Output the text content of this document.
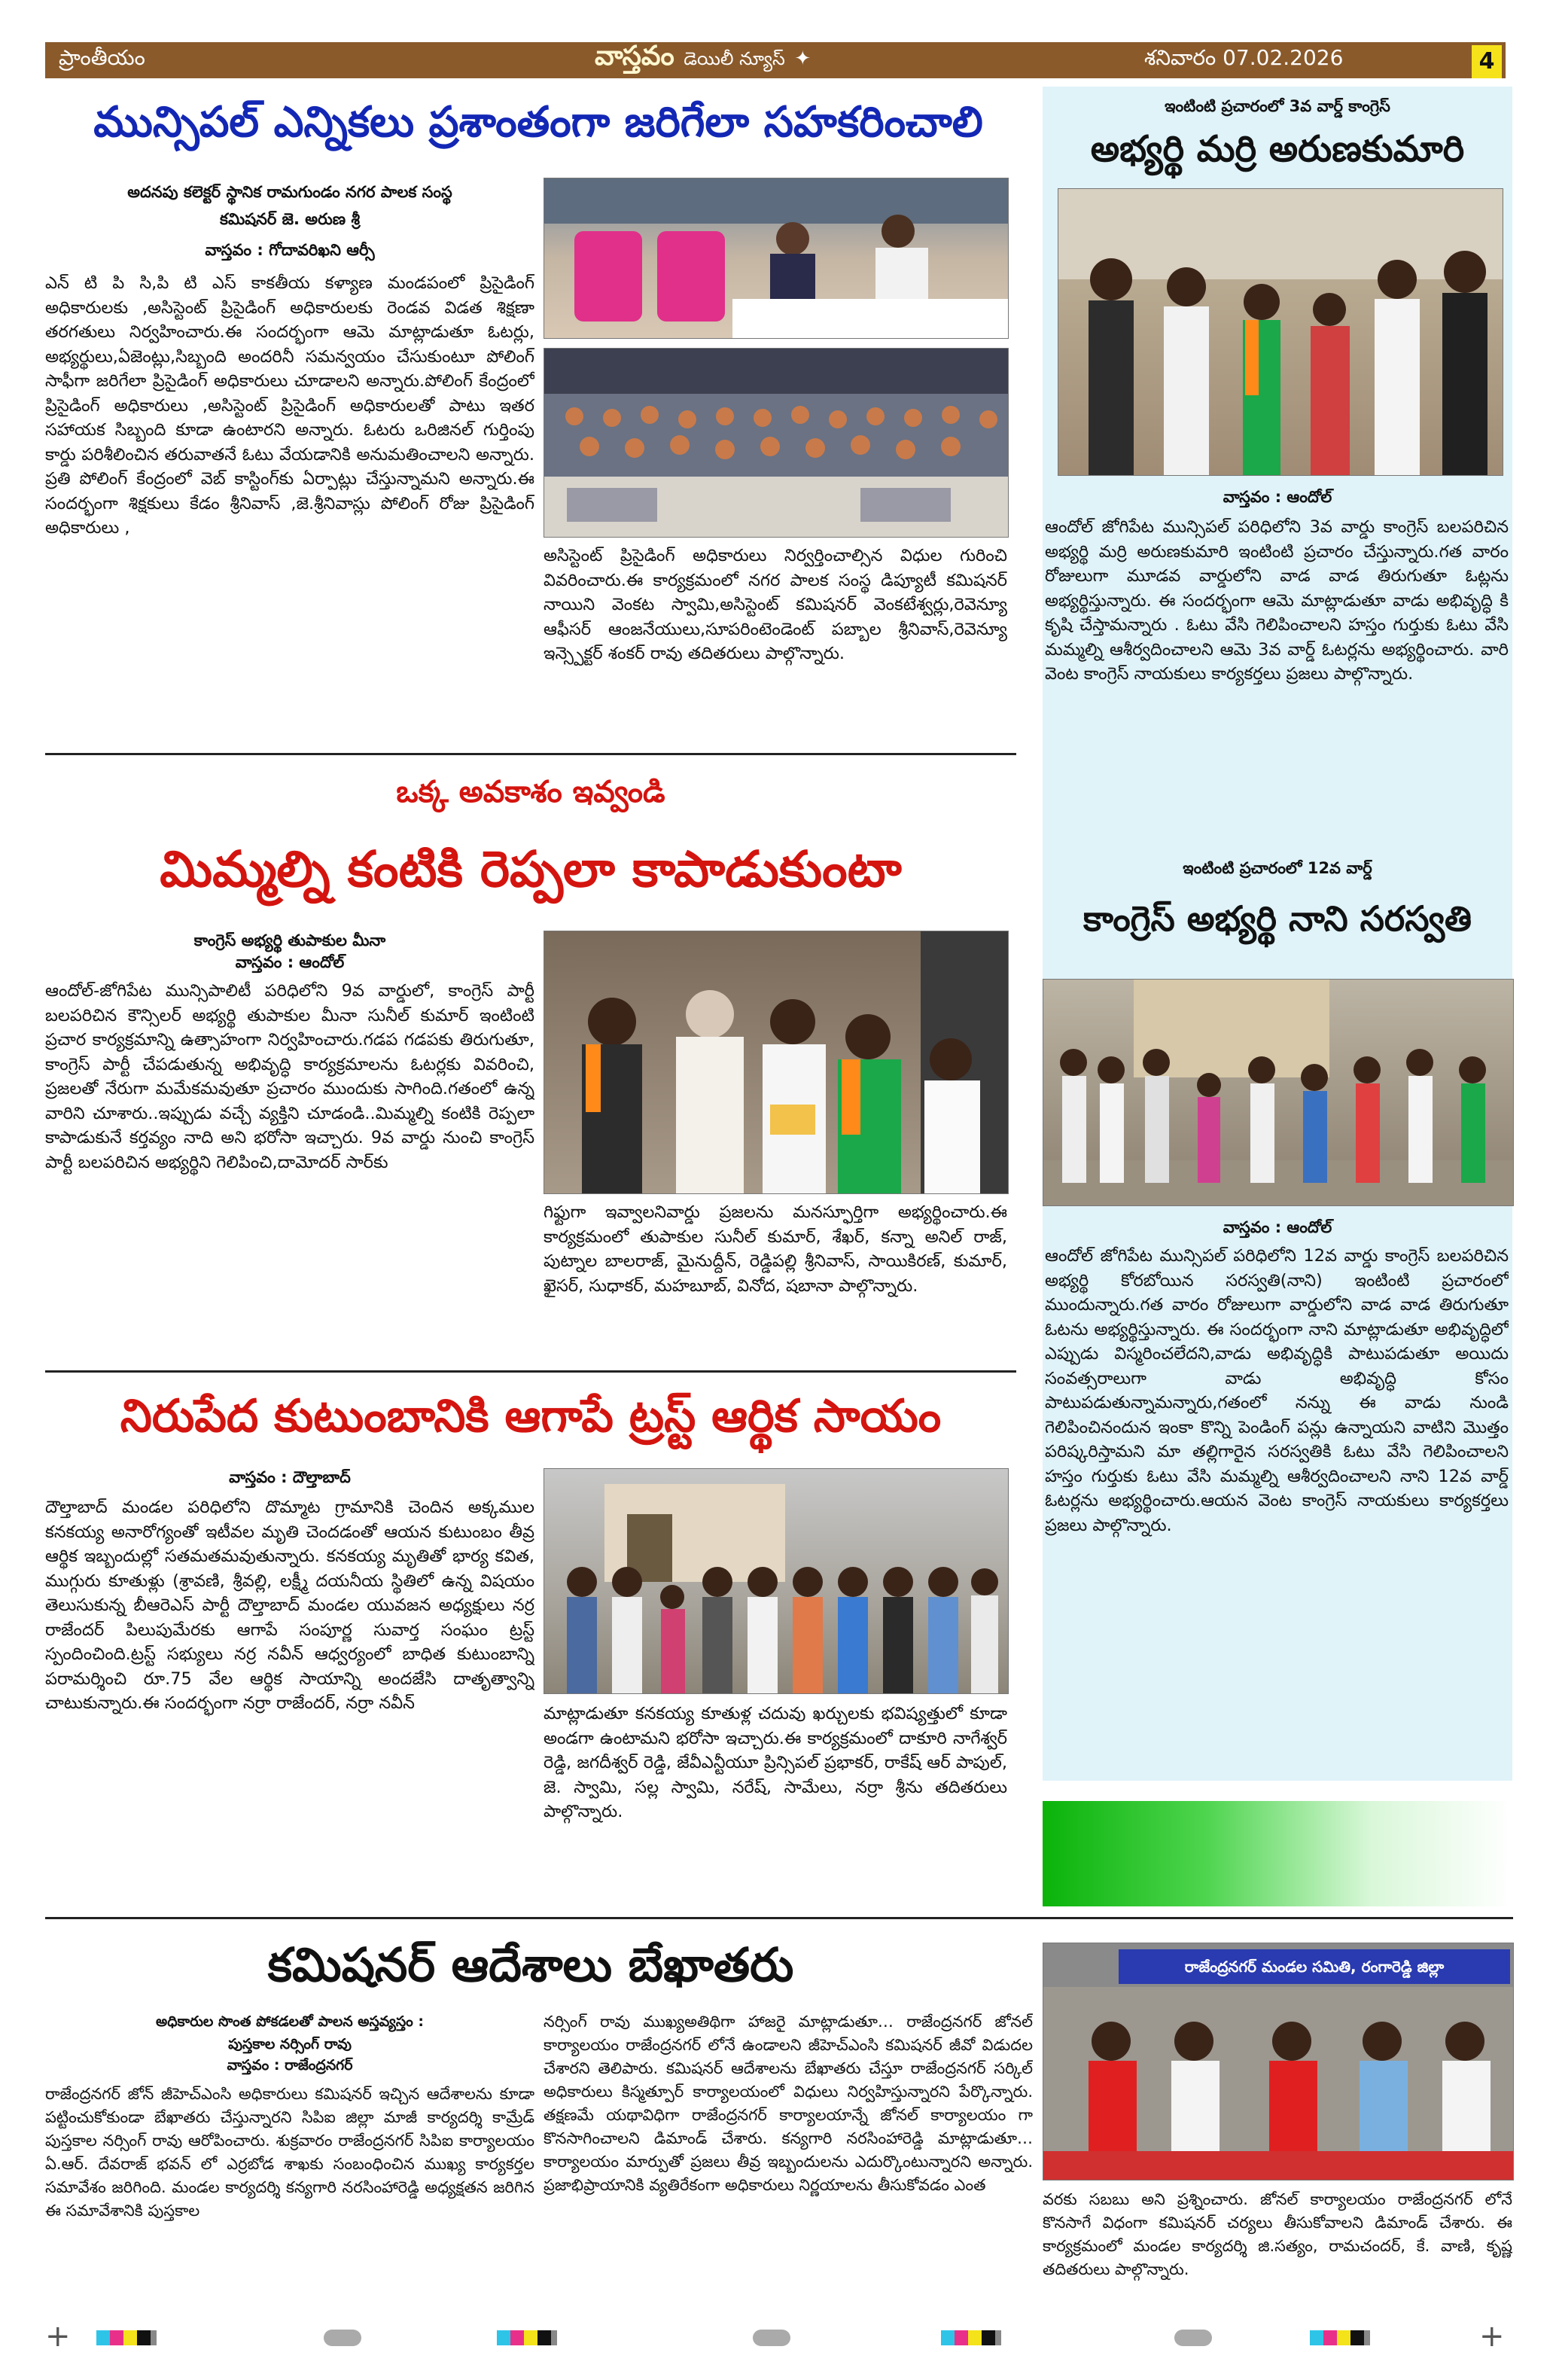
ప్రాంతీయం	వాస్తవం డెయిలీ న్యూస్ ✦	శనివారం 07.02.2026	4
మున్సిపల్ ఎన్నికలు ప్రశాంతంగా జరిగేలా సహకరించాలి
అదనపు కలెక్టర్ స్థానిక రామగుండం నగర పాలక సంస్థ
కమిషనర్ జె. అరుణ శ్రీ
వాస్తవం : గోదావరిఖని ఆర్సీ
ఎన్ టి పి సి,పి టి ఎస్ కాకతీయ కళ్యాణ మండపంలో ప్రిసైడింగ్ అధికారులకు ,అసిస్టెంట్ ప్రిసైడింగ్ అధికారులకు రెండవ విడత శిక్షణా తరగతులు నిర్వహించారు.ఈ సందర్భంగా ఆమె మాట్లాడుతూ ఓటర్లు, అభ్యర్థులు,ఏజెంట్లు,సిబ్బంది అందరినీ సమన్వయం చేసుకుంటూ పోలింగ్ సాఫీగా జరిగేలా ప్రిసైడింగ్ అధికారులు చూడాలని అన్నారు.పోలింగ్ కేంద్రంలో ప్రిసైడింగ్ అధికారులు ,అసిస్టెంట్ ప్రిసైడింగ్ అధికారులతో పాటు ఇతర సహాయక సిబ్బంది కూడా ఉంటారని అన్నారు. ఓటరు ఒరిజినల్ గుర్తింపు కార్డు పరిశీలించిన తరువాతనే ఓటు వేయడానికి అనుమతించాలని అన్నారు. ప్రతి పోలింగ్ కేంద్రంలో వెబ్ కాస్టింగ్‌కు ఏర్పాట్లు చేస్తున్నామని అన్నారు.ఈ సందర్భంగా శిక్షకులు కేడం శ్రీనివాస్ ,జె.శ్రీనివాస్లు పోలింగ్ రోజు ప్రిసైడింగ్ అధికారులు ,
అసిస్టెంట్ ప్రిసైడింగ్ అధికారులు నిర్వర్తించాల్సిన విధుల గురించి వివరించారు.ఈ కార్యక్రమంలో నగర పాలక సంస్థ డిప్యూటీ కమిషనర్ నాయిని వెంకట స్వామి,అసిస్టెంట్ కమిషనర్ వెంకటేశ్వర్లు,రెవెన్యూ ఆఫీసర్ ఆంజనేయులు,సూపరింటెండెంట్ పబ్బాల శ్రీనివాస్,రెవెన్యూ ఇన్స్పెక్టర్ శంకర్ రావు తదితరులు పాల్గొన్నారు.
ఒక్క అవకాశం ఇవ్వండి
మిమ్మల్ని కంటికి రెప్పలా కాపాడుకుంటా
కాంగ్రెస్ అభ్యర్థి తుపాకుల మీనా
వాస్తవం : ఆందోల్
ఆందోల్-జోగిపేట మున్సిపాలిటీ పరిధిలోని 9వ వార్డులో, కాంగ్రెస్ పార్టీ బలపరిచిన కౌన్సిలర్ అభ్యర్థి తుపాకుల మీనా సునీల్ కుమార్ ఇంటింటి ప్రచార కార్యక్రమాన్ని ఉత్సాహంగా నిర్వహించారు.గడప గడపకు తిరుగుతూ, కాంగ్రెస్ పార్టీ చేపడుతున్న అభివృద్ధి కార్యక్రమాలను ఓటర్లకు వివరించి, ప్రజలతో నేరుగా మమేకమవుతూ ప్రచారం ముందుకు సాగింది.గతంలో ఉన్న వారిని చూశారు..ఇప్పుడు వచ్చే వ్యక్తిని చూడండి..మిమ్మల్ని కంటికి రెప్పలా కాపాడుకునే కర్తవ్యం నాది అని భరోసా ఇచ్చారు. 9వ వార్డు నుంచి కాంగ్రెస్ పార్టీ బలపరిచిన అభ్యర్థిని గెలిపించి,దామోదర్ సార్‌కు
గిఫ్టుగా ఇవ్వాలనివార్డు ప్రజలను మనస్ఫూర్తిగా అభ్యర్థించారు.ఈ కార్యక్రమంలో తుపాకుల సునీల్ కుమార్, శేఖర్, కన్నా అనిల్ రాజ్, పుట్నాల బాలరాజ్, మైనుద్దీన్, రెడ్డిపల్లి శ్రీనివాస్, సాయికిరణ్, కుమార్, ఖైసర్, సుధాకర్, మహబూబ్, వినోద, షబానా పాల్గొన్నారు.
నిరుపేద కుటుంబానికి ఆగాపే ట్రస్ట్ ఆర్థిక సాయం
వాస్తవం : దౌల్తాబాద్
దౌల్తాబాద్ మండల పరిధిలోని దొమ్మాట గ్రామానికి చెందిన అక్కముల కనకయ్య అనారోగ్యంతో ఇటీవల మృతి చెందడంతో ఆయన కుటుంబం తీవ్ర ఆర్థిక ఇబ్బందుల్లో సతమతమవుతున్నారు. కనకయ్య మృతితో భార్య కవిత, ముగ్గురు కూతుళ్లు (శ్రావణి, శ్రీవల్లి, లక్ష్మీ దయనీయ స్థితిలో ఉన్న విషయం తెలుసుకున్న బీఆరెఎస్ పార్టీ దౌల్తాబాద్ మండల యువజన అధ్యక్షులు నర్ర రాజేందర్ పిలుపుమేరకు ఆగాపే సంపూర్ణ సువార్త సంఘం ట్రస్ట్ స్పందించింది.ట్రస్ట్ సభ్యులు నర్ర నవీన్ ఆధ్వర్యంలో బాధిత కుటుంబాన్ని పరామర్శించి రూ.75 వేల ఆర్థిక సాయాన్ని అందజేసి దాతృత్వాన్ని చాటుకున్నారు.ఈ సందర్భంగా నర్రా రాజేందర్, నర్రా నవీన్
మాట్లాడుతూ కనకయ్య కూతుళ్ల చదువు ఖర్చులకు భవిష్యత్తులో కూడా అండగా ఉంటామని భరోసా ఇచ్చారు.ఈ కార్యక్రమంలో దాకూరి నాగేశ్వర్ రెడ్డి, జగదీశ్వర్ రెడ్డి, జేవీఎన్టీయూ ప్రిన్సిపల్ ప్రభాకర్, రాకేష్ ఆర్ పాపుల్, జె. స్వామి, సల్ల స్వామి, నరేష్, సామేలు, నర్రా శ్రీను తదితరులు పాల్గొన్నారు.
కమిషనర్ ఆదేశాలు బేఖాతరు
అధికారుల సొంత పోకడలతో పాలన అస్తవ్యస్తం :
పుస్తకాల నర్సింగ్ రావు
వాస్తవం : రాజేంద్రనగర్
రాజేంద్రనగర్ జోన్ జీహెచ్ఎంసి అధికారులు కమిషనర్ ఇచ్చిన ఆదేశాలను కూడా పట్టించుకోకుండా బేఖాతరు చేస్తున్నారని సిపిఐ జిల్లా మాజీ కార్యదర్శి కామ్రేడ్ పుస్తకాల నర్సింగ్ రావు ఆరోపించారు. శుక్రవారం రాజేంద్రనగర్ సిపిఐ కార్యాలయం ఏ.ఆర్. దేవరాజ్ భవన్ లో ఎర్రబోడ శాఖకు సంబంధించిన ముఖ్య కార్యకర్తల సమావేశం జరిగింది. మండల కార్యదర్శి కన్యగారి నరసింహారెడ్డి అధ్యక్షతన జరిగిన ఈ సమావేశానికి పుస్తకాల
నర్సింగ్ రావు ముఖ్యఅతిథిగా హాజరై మాట్లాడుతూ… రాజేంద్రనగర్ జోనల్ కార్యాలయం రాజేంద్రనగర్ లోనే ఉండాలని జీహెచ్ఎంసి కమిషనర్ జీవో విడుదల చేశారని తెలిపారు. కమిషనర్ ఆదేశాలను బేఖాతరు చేస్తూ రాజేంద్రనగర్ సర్కిల్ అధికారులు కిస్మత్పూర్ కార్యాలయంలో విధులు నిర్వహిస్తున్నారని పేర్కొన్నారు. తక్షణమే యథావిధిగా రాజేంద్రనగర్ కార్యాలయాన్నే జోనల్ కార్యాలయం గా కొనసాగించాలని డిమాండ్ చేశారు. కన్యగారి నరసింహారెడ్డి మాట్లాడుతూ… కార్యాలయం మార్పుతో ప్రజలు తీవ్ర ఇబ్బందులను ఎదుర్కొంటున్నారని అన్నారు. ప్రజాభిప్రాయానికి వ్యతిరేకంగా అధికారులు నిర్ణయాలను తీసుకోవడం ఎంత
రాజేంద్రనగర్ మండల సమితి, రంగారెడ్డి జిల్లా
వరకు సబబు అని ప్రశ్నించారు. జోనల్ కార్యాలయం రాజేంద్రనగర్ లోనే కొనసాగే విధంగా కమిషనర్ చర్యలు తీసుకోవాలని డిమాండ్ చేశారు. ఈ కార్యక్రమంలో మండల కార్యదర్శి జి.సత్యం, రామచందర్, కే. వాణి, కృష్ణ తదితరులు పాల్గొన్నారు.
ఇంటింటి ప్రచారంలో 3వ వార్డ్ కాంగ్రెస్
అభ్యర్థి మర్రి అరుణకుమారి
వాస్తవం : ఆందోల్
ఆందోల్ జోగిపేట మున్సిపల్ పరిధిలోని 3వ వార్డు కాంగ్రెస్ బలపరిచిన అభ్యర్థి మర్రి అరుణకుమారి ఇంటింటి ప్రచారం చేస్తున్నారు.గత వారం రోజులుగా మూడవ వార్డులోని వాడ వాడ తిరుగుతూ ఓట్లను అభ్యర్థిస్తున్నారు. ఈ సందర్భంగా ఆమె మాట్లాడుతూ వాడు అభివృద్ధి కి కృషి చేస్తామన్నారు . ఓటు వేసి గెలిపించాలని హస్తం గుర్తుకు ఓటు వేసి మమ్మల్ని ఆశీర్వదించాలని ఆమె 3వ వార్డ్ ఓటర్లను అభ్యర్థించారు. వారి వెంట కాంగ్రెస్ నాయకులు కార్యకర్తలు ప్రజలు పాల్గొన్నారు.
ఇంటింటి ప్రచారంలో 12వ వార్డ్
కాంగ్రెస్ అభ్యర్థి నాని సరస్వతి
వాస్తవం : ఆందోల్
ఆందోల్ జోగిపేట మున్సిపల్ పరిధిలోని 12వ వార్డు కాంగ్రెస్ బలపరిచిన అభ్యర్థి కోరబోయిన సరస్వతి(నాని) ఇంటింటి ప్రచారంలో ముందున్నారు.గత వారం రోజులుగా వార్డులోని వాడ వాడ తిరుగుతూ ఓటను అభ్యర్థిస్తున్నారు. ఈ సందర్భంగా నాని మాట్లాడుతూ అభివృద్ధిలో ఎప్పుడు విస్మరించలేదని,వాడు అభివృద్ధికి పాటుపడుతూ అయిదు సంవత్సరాలుగా వాడు అభివృద్ధి కోసం పాటుపడుతున్నామన్నారు,గతంలో నన్ను ఈ వాడు నుండి గెలిపించినందున ఇంకా కొన్ని పెండింగ్ పన్లు ఉన్నాయని వాటిని మొత్తం పరిష్కరిస్తామని మా తల్లిగారైన సరస్వతికి ఓటు వేసి గెలిపించాలని హస్తం గుర్తుకు ఓటు వేసి మమ్మల్ని ఆశీర్వదించాలని నాని 12వ వార్డ్ ఓటర్లను అభ్యర్థించారు.ఆయన వెంట కాంగ్రెస్ నాయకులు కార్యకర్తలు ప్రజలు పాల్గొన్నారు.
+	+
